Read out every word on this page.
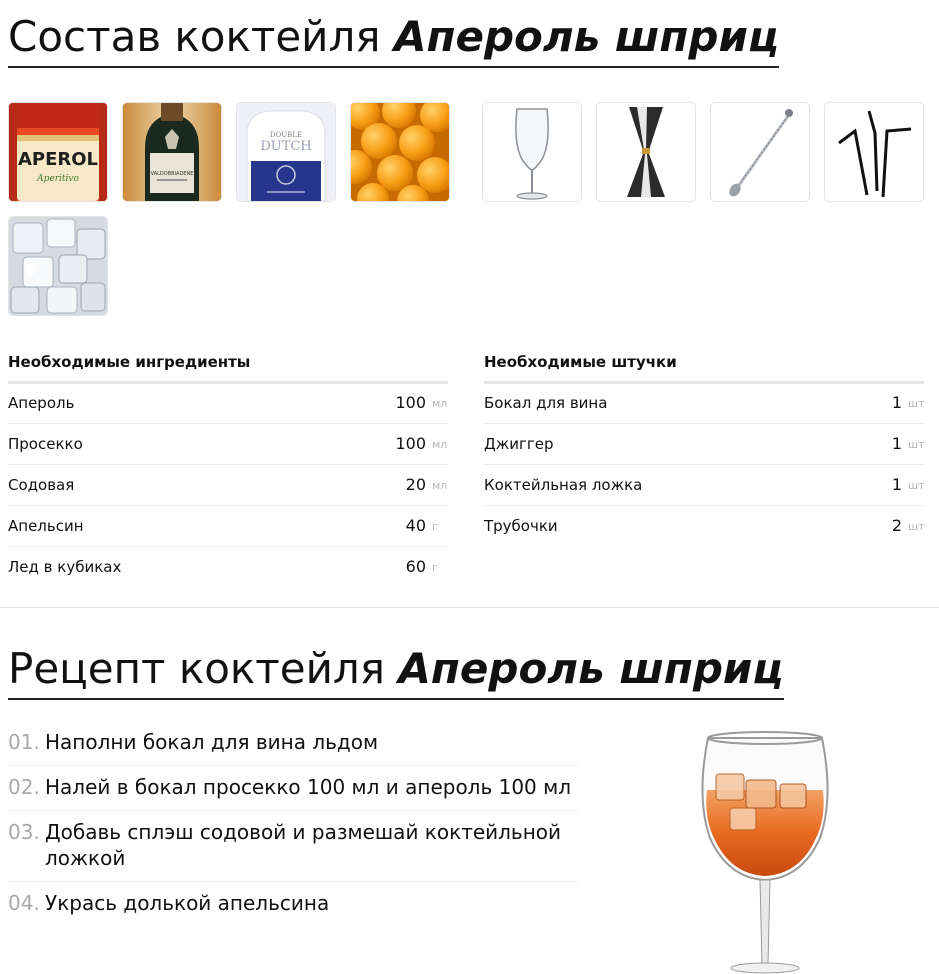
Состав коктейля Апероль шприц
APEROL
Aperitivo	VALDOBBIADENE
DOUBLE
DUTCH
Необходимые ингредиенты
Апероль	100 мл
Просекко	100 мл
Содовая	20 мл
Апельсин	40 г
Лед в кубиках	60 г
Необходимые штучки
Бокал для вина	1 шт
Джиггер	1 шт
Коктейльная ложка	1 шт
Трубочки	2 шт
Рецепт коктейля Апероль шприц
01. Наполни бокал для вина льдом
02. Налей в бокал просекко 100 мл и апероль 100 мл
03. Добавь сплэш содовой и размешай коктейльной ложкой
04. Укрась долькой апельсина
